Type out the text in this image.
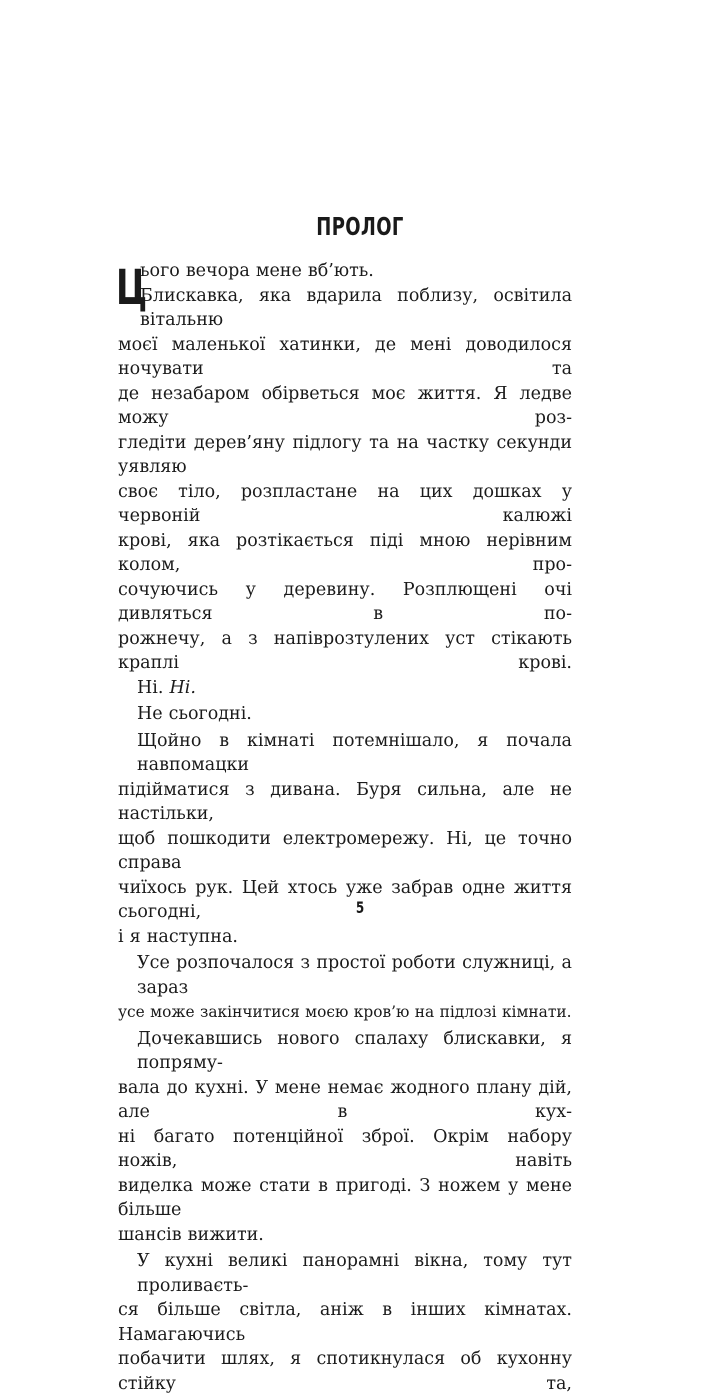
ПРОЛОГ
Ц
ього вечора мене вб’ють.
Блискавка, яка вдарила поблизу, освітила вітальню
моєї маленької хатинки, де мені доводилося ночувати та
де незабаром обірветься моє життя. Я ледве можу роз-
гледіти дерев’яну підлогу та на частку секунди уявляю
своє тіло, розпластане на цих дошках у червоній калюжі
крові, яка розтікається піді мною нерівним колом, про-
сочуючись у деревину. Розплющені очі дивляться в по-
рожнечу, а з напіврозтулених уст стікають краплі крові.
Ні. Ні.
Не сьогодні.
Щойно в кімнаті потемнішало, я почала навпомацки
підійматися з дивана. Буря сильна, але не настільки,
щоб пошкодити електромережу. Ні, це точно справа
чиїхось рук. Цей хтось уже забрав одне життя сьогодні,
і я наступна.
Усе розпочалося з простої роботи служниці, а зараз
усе може закінчитися моєю кров’ю на підлозі кімнати.
Дочекавшись нового спалаху блискавки, я попряму-
вала до кухні. У мене немає жодного плану дій, але в кух-
ні багато потенційної зброї. Окрім набору ножів, навіть
виделка може стати в пригоді. З ножем у мене більше
шансів вижити.
У кухні великі панорамні вікна, тому тут проливаєть-
ся більше світла, аніж в інших кімнатах. Намагаючись
побачити шлях, я спотикнулася об кухонну стійку та,
5
